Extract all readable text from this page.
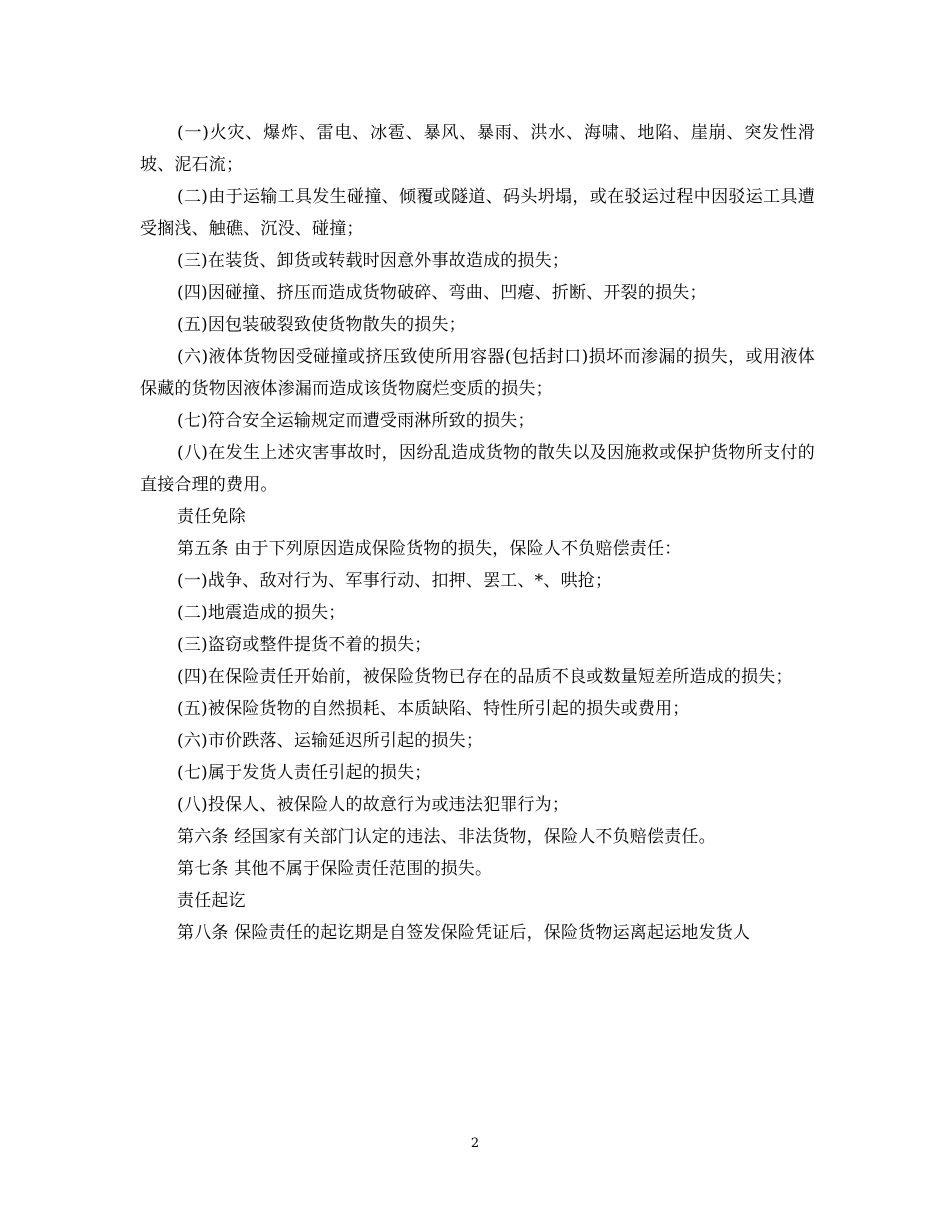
(一)火灾、爆炸、雷电、冰雹、暴风、暴雨、洪水、海啸、地陷、崖崩、突发性滑坡、泥石流；

(二)由于运输工具发生碰撞、倾覆或隧道、码头坍塌，或在驳运过程中因驳运工具遭受搁浅、触礁、沉没、碰撞；

(三)在装货、卸货或转载时因意外事故造成的损失；

(四)因碰撞、挤压而造成货物破碎、弯曲、凹瘪、折断、开裂的损失；

(五)因包装破裂致使货物散失的损失；

(六)液体货物因受碰撞或挤压致使所用容器(包括封口)损坏而渗漏的损失，或用液体保藏的货物因液体渗漏而造成该货物腐烂变质的损失；

(七)符合安全运输规定而遭受雨淋所致的损失；

(八)在发生上述灾害事故时，因纷乱造成货物的散失以及因施救或保护货物所支付的直接合理的费用。

责任免除

第五条 由于下列原因造成保险货物的损失，保险人不负赔偿责任：

(一)战争、敌对行为、军事行动、扣押、罢工、*、哄抢；

(二)地震造成的损失；

(三)盗窃或整件提货不着的损失；

(四)在保险责任开始前，被保险货物已存在的品质不良或数量短差所造成的损失；

(五)被保险货物的自然损耗、本质缺陷、特性所引起的损失或费用；

(六)市价跌落、运输延迟所引起的损失；

(七)属于发货人责任引起的损失；

(八)投保人、被保险人的故意行为或违法犯罪行为；

第六条 经国家有关部门认定的违法、非法货物，保险人不负赔偿责任。

第七条 其他不属于保险责任范围的损失。

责任起讫

第八条 保险责任的起讫期是自签发保险凭证后，保险货物运离起运地发货人

2
